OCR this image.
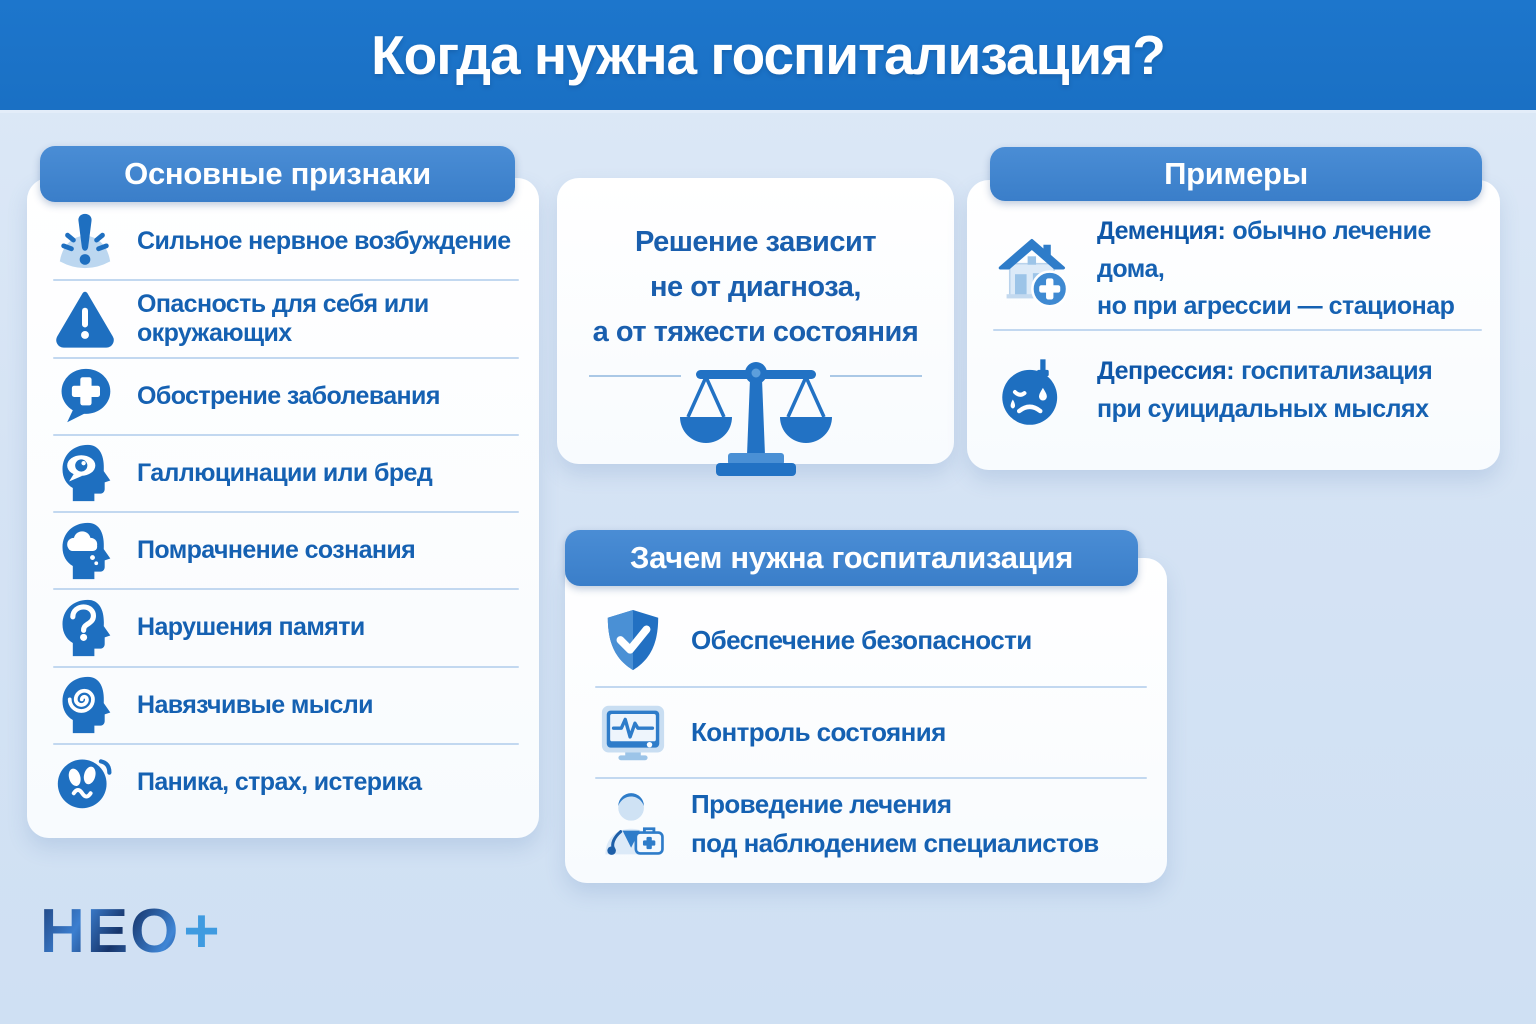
Когда нужна госпитализация?
Основные признаки
Сильное нервное возбуждение
Опасность для себя или окружающих
Обострение заболевания
Галлюцинации или бред
Помрачнение сознания
Нарушения памяти
Навязчивые мысли
Паника, страх, истерика
Решение зависит
не от диагноза,
а от тяжести состояния
Примеры
Деменция: обычно лечение дома,
но при агрессии — стационар
Депрессия: госпитализация
при суицидальных мыслях
Зачем нужна госпитализация
Обеспечение безопасности
Контроль состояния
Проведение лечения
под наблюдением специалистов
НЕО +
